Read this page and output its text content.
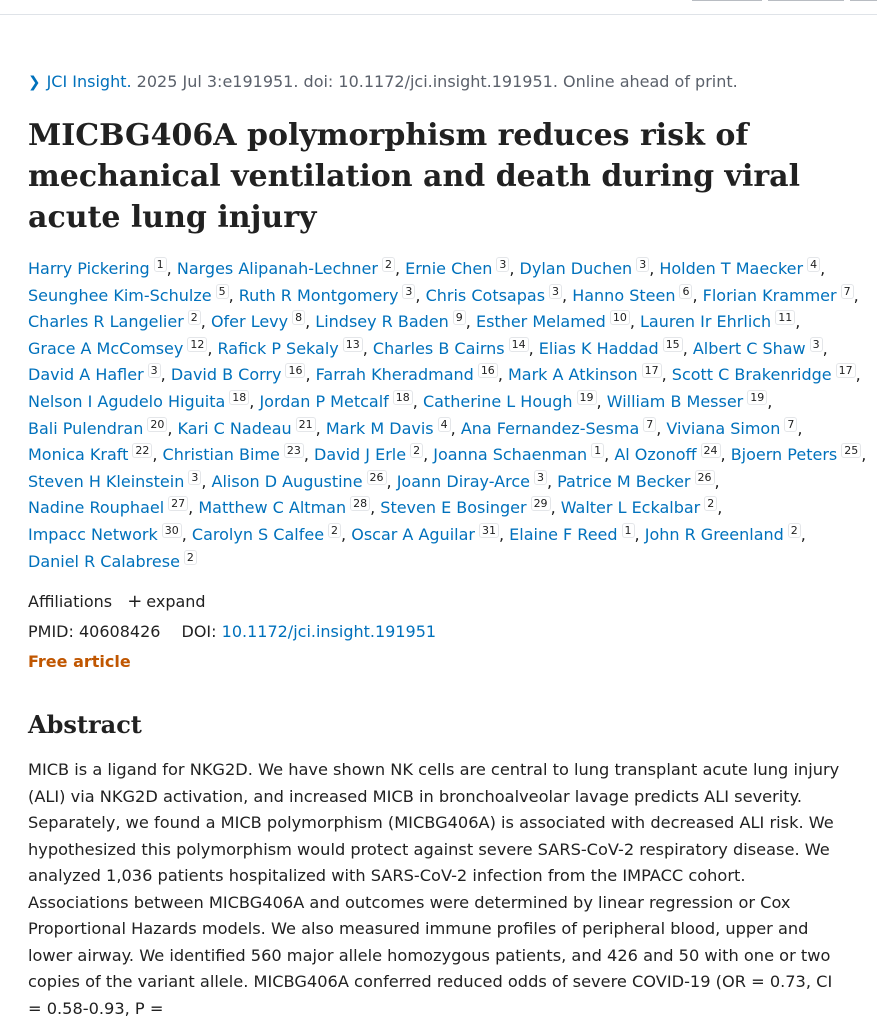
❯ JCI Insight. 2025 Jul 3:e191951. doi: 10.1172/jci.insight.191951. Online ahead of print.
MICBG406A polymorphism reduces risk of mechanical ventilation and death during viral acute lung injury
Harry Pickering $^1$ , Narges Alipanah-Lechner $^2$ , Ernie Chen $^3$ , Dylan Duchen $^3$ , Holden T Maecker $^4$ , Seunghee Kim-Schulze $^5$ , Ruth R Montgomery $^3$ , Chris Cotsapas $^3$ , Hanno Steen $^6$ , Florian Krammer $^7$ , Charles R Langelier $^2$ , Ofer Levy $^8$ , Lindsey R Baden $^9$ , Esther Melamed $^{10}$ , Lauren Ir Ehrlich $^{11}$ , Grace A McComsey $^{12}$ , Rafick P Sekaly $^{13}$ , Charles B Cairns $^{14}$ , Elias K Haddad $^{15}$ , Albert C Shaw $^3$ , David A Hafler $^3$ , David B Corry $^{16}$ , Farrah Kheradmand $^{16}$ , Mark A Atkinson $^{17}$ , Scott C Brakenridge $^{17}$ , Nelson I Agudelo Higuita $^{18}$ , Jordan P Metcalf $^{18}$ , Catherine L Hough $^{19}$ , William B Messer $^{19}$ , Bali Pulendran $^{20}$ , Kari C Nadeau $^{21}$ , Mark M Davis $^4$ , Ana Fernandez-Sesma $^7$ , Viviana Simon $^7$ , Monica Kraft $^{22}$ , Christian Bime $^{23}$ , David J Erle $^2$ , Joanna Schaenman $^1$ , Al Ozonoff $^{24}$ , Bjoern Peters $^{25}$ , Steven H Kleinstein $^3$ , Alison D Augustine $^{26}$ , Joann Diray-Arce $^3$ , Patrice M Becker $^{26}$ , Nadine Rouphael $^{27}$ , Matthew C Altman $^{28}$ , Steven E Bosinger $^{29}$ , Walter L Eckalbar $^2$ , Impacc Network $^{30}$ , Carolyn S Calfee $^2$ , Oscar A Aguilar $^{31}$ , Elaine F Reed $^1$ , John R Greenland $^2$ , Daniel R Calabrese $^2$
Affiliations + expand
PMID: 40608426 DOI: 10.1172/jci.insight.191951
Free article
Abstract

MICB is a ligand for NKG2D. We have shown NK cells are central to lung transplant acute lung injury (ALI) via NKG2D activation, and increased MICB in bronchoalveolar lavage predicts ALI severity. Separately, we found a MICB polymorphism (MICBG406A) is associated with decreased ALI risk. We hypothesized this polymorphism would protect against severe SARS-CoV-2 respiratory disease. We analyzed 1,036 patients hospitalized with SARS-CoV-2 infection from the IMPACC cohort. Associations between MICBG406A and outcomes were determined by linear regression or Cox Proportional Hazards models. We also measured immune profiles of peripheral blood, upper and lower airway. We identified 560 major allele homozygous patients, and 426 and 50 with one or two copies of the variant allele. MICBG406A conferred reduced odds of severe COVID-19 (OR = 0.73, CI = 0.58-0.93, P =
